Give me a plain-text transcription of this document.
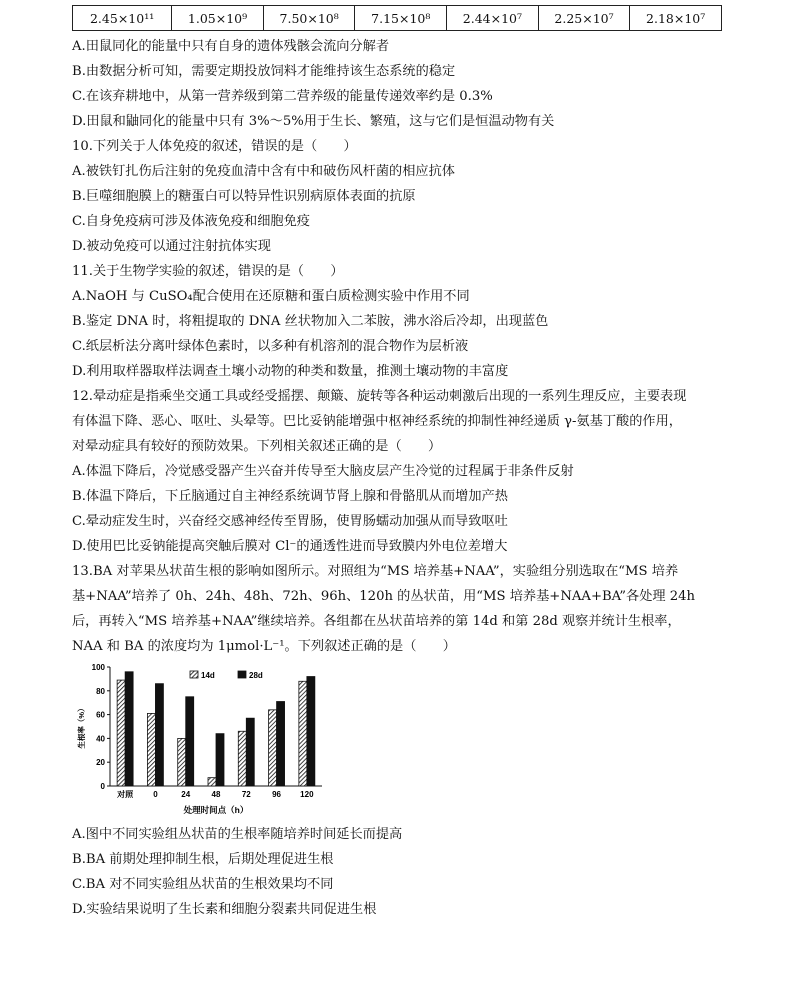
2.45×10¹¹	1.05×10⁹	7.50×10⁸	7.15×10⁸	2.44×10⁷	2.25×10⁷	2.18×10⁷
A.田鼠同化的能量中只有自身的遗体残骸会流向分解者
B.由数据分析可知，需要定期投放饲料才能维持该生态系统的稳定
C.在该弃耕地中，从第一营养级到第二营养级的能量传递效率约是 0.3%
D.田鼠和鼬同化的能量中只有 3%～5%用于生长、繁殖，这与它们是恒温动物有关
10.下列关于人体免疫的叙述，错误的是（　　）
A.被铁钉扎伤后注射的免疫血清中含有中和破伤风杆菌的相应抗体
B.巨噬细胞膜上的糖蛋白可以特异性识别病原体表面的抗原
C.自身免疫病可涉及体液免疫和细胞免疫
D.被动免疫可以通过注射抗体实现
11.关于生物学实验的叙述，错误的是（　　）
A.NaOH 与 CuSO₄配合使用在还原糖和蛋白质检测实验中作用不同
B.鉴定 DNA 时，将粗提取的 DNA 丝状物加入二苯胺，沸水浴后冷却，出现蓝色
C.纸层析法分离叶绿体色素时，以多种有机溶剂的混合物作为层析液
D.利用取样器取样法调查土壤小动物的种类和数量，推测土壤动物的丰富度
12.晕动症是指乘坐交通工具或经受摇摆、颠簸、旋转等各种运动刺激后出现的一系列生理反应，主要表现
有体温下降、恶心、呕吐、头晕等。巴比妥钠能增强中枢神经系统的抑制性神经递质 γ-氨基丁酸的作用，
对晕动症具有较好的预防效果。下列相关叙述正确的是（　　）
A.体温下降后，冷觉感受器产生兴奋并传导至大脑皮层产生冷觉的过程属于非条件反射
B.体温下降后，下丘脑通过自主神经系统调节肾上腺和骨骼肌从而增加产热
C.晕动症发生时，兴奋经交感神经传至胃肠，使胃肠蠕动加强从而导致呕吐
D.使用巴比妥钠能提高突触后膜对 Cl⁻的通透性进而导致膜内外电位差增大
13.BA 对苹果丛状苗生根的影响如图所示。对照组为“MS 培养基+NAA”，实验组分别选取在“MS 培养
基+NAA”培养了 0h、24h、48h、72h、96h、120h 的丛状苗，用“MS 培养基+NAA+BA”各处理 24h
后，再转入“MS 培养基+NAA”继续培养。各组都在丛状苗培养的第 14d 和第 28d 观察并统计生根率，
NAA 和 BA 的浓度均为 1μmol·L⁻¹。下列叙述正确的是（　　）
0
20
40
60
80
100
对照	0	24	48	72	96 120
处理时间点（h）
生根率（%）
14d	28d
A.图中不同实验组丛状苗的生根率随培养时间延长而提高
B.BA 前期处理抑制生根，后期处理促进生根
C.BA 对不同实验组丛状苗的生根效果均不同
D.实验结果说明了生长素和细胞分裂素共同促进生根
